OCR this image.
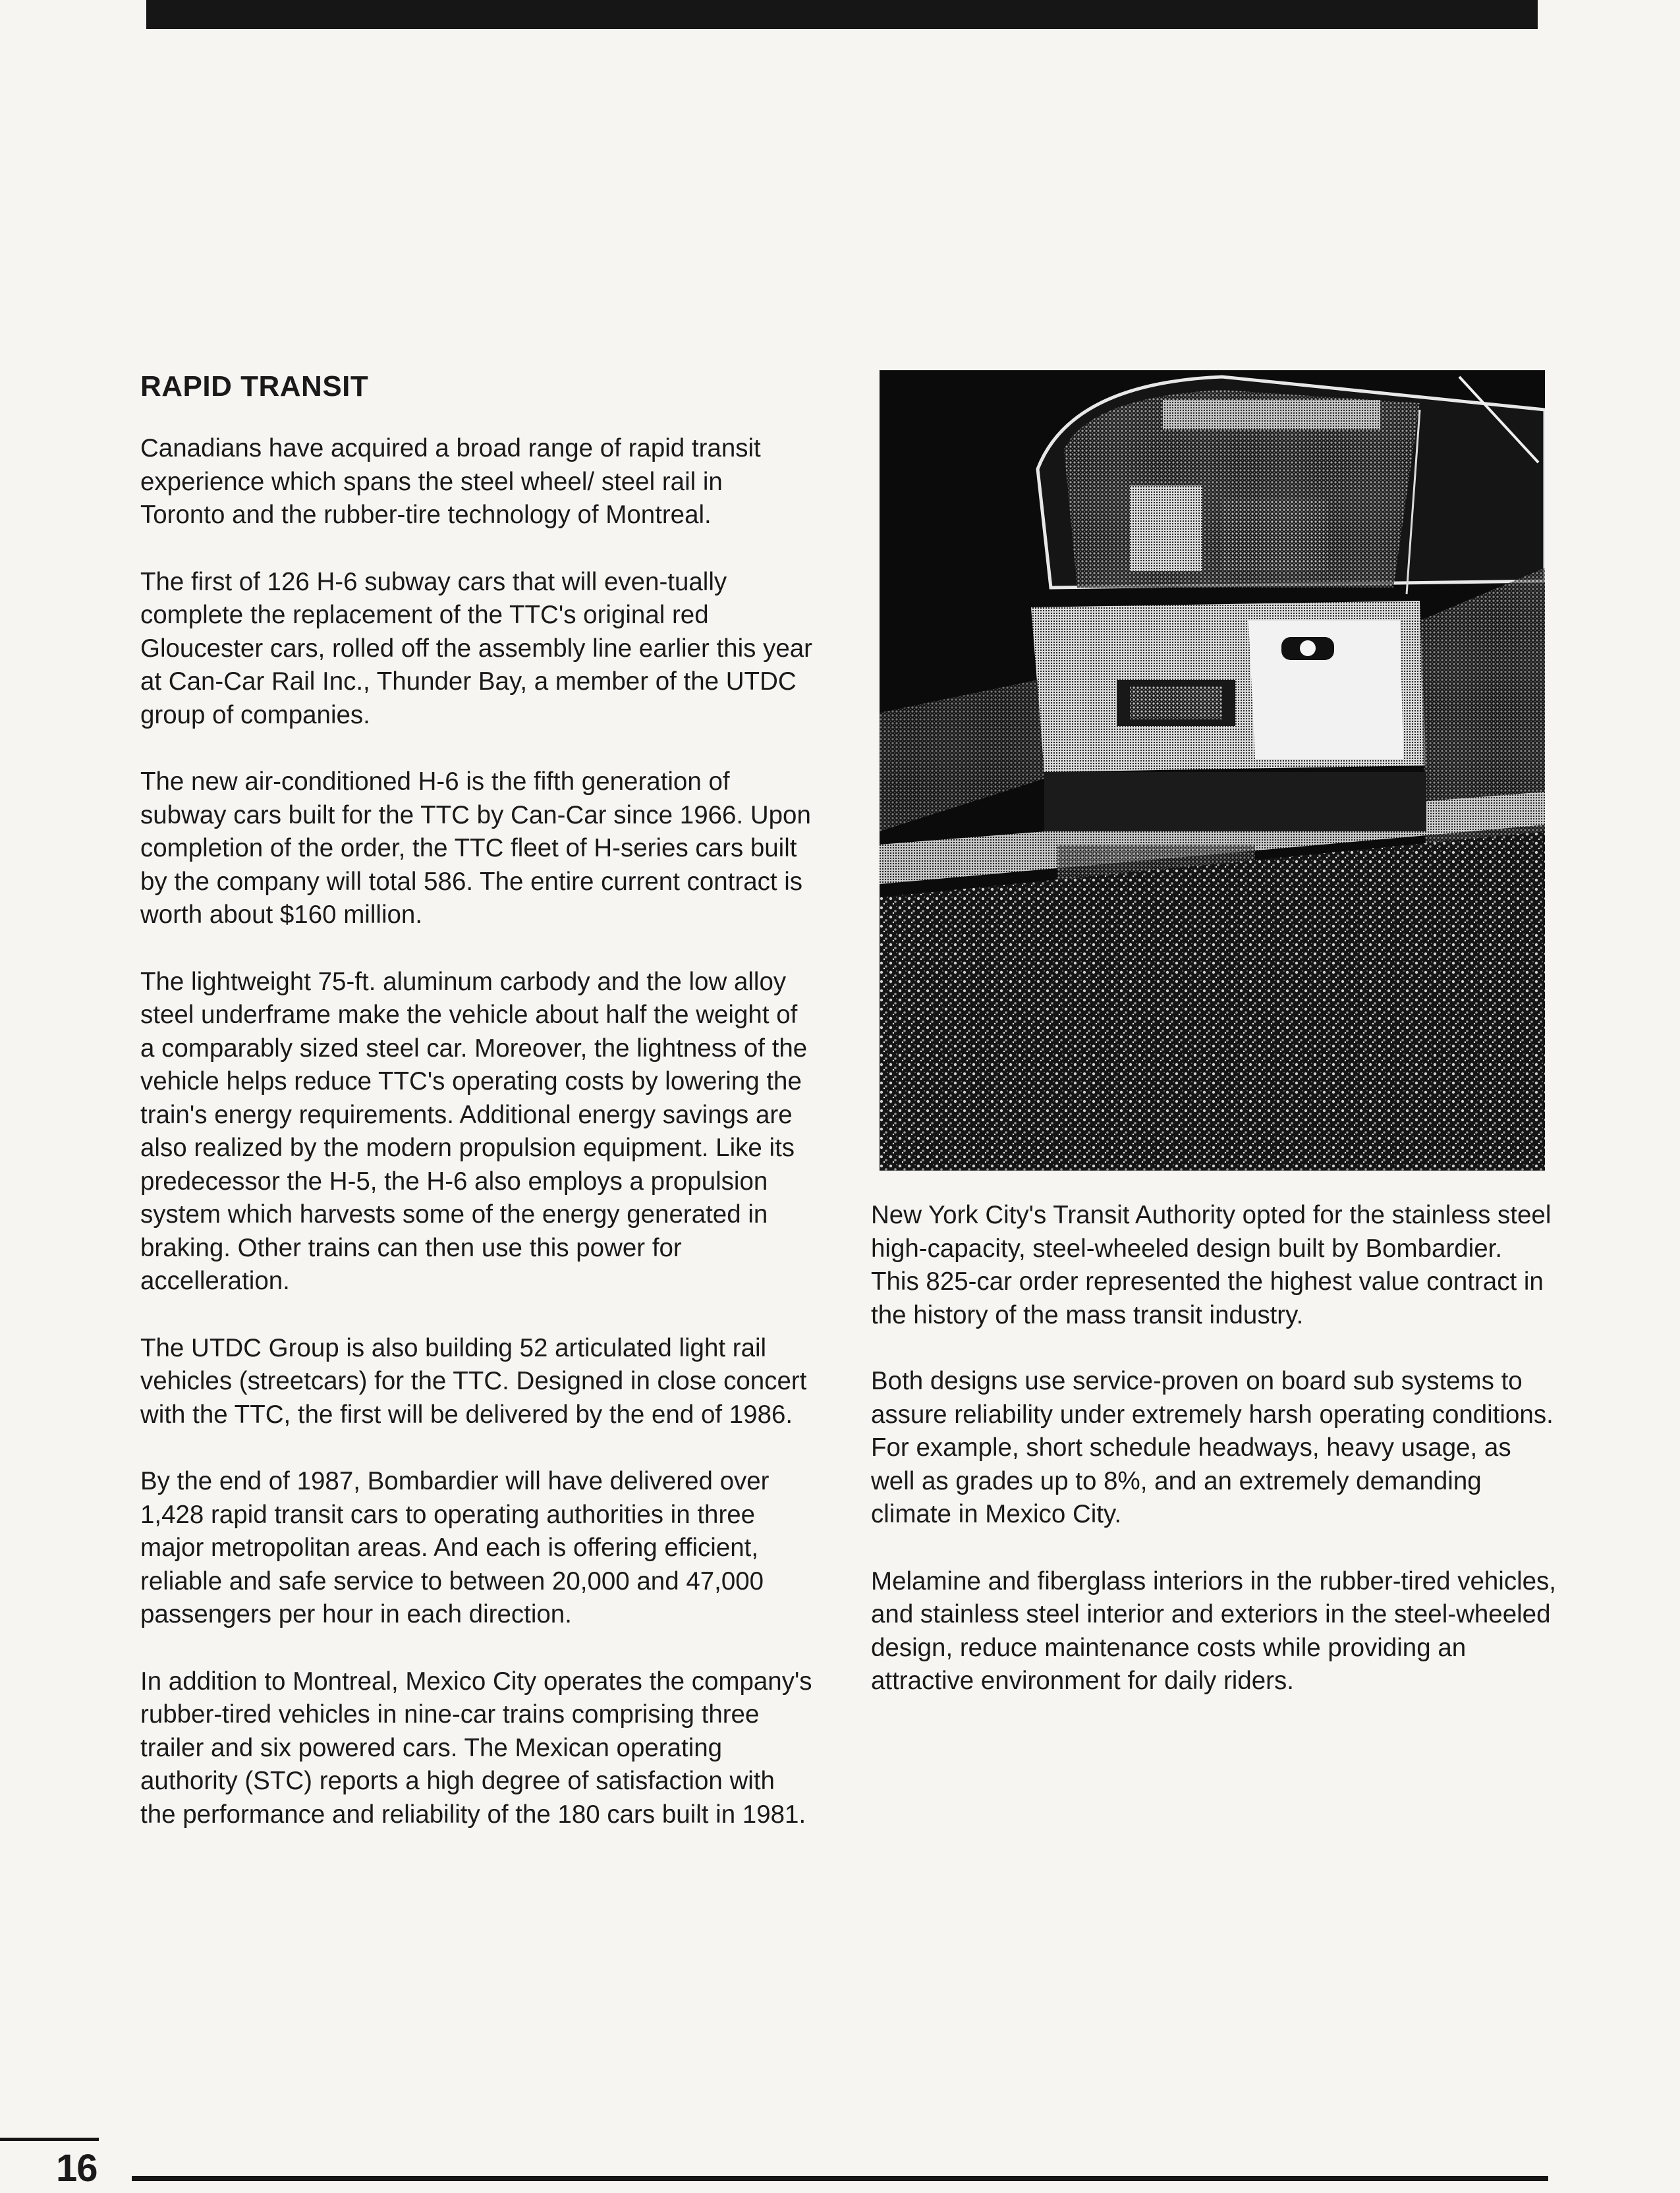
RAPID TRANSIT

Canadians have acquired a broad range of rapid transit experience which spans the steel wheel/ steel rail in Toronto and the rubber-tire technology of Montreal.

The first of 126 H-6 subway cars that will even-tually complete the replacement of the TTC's original red Gloucester cars, rolled off the assembly line earlier this year at Can-Car Rail Inc., Thunder Bay, a member of the UTDC group of companies.

The new air-conditioned H-6 is the fifth generation of subway cars built for the TTC by Can-Car since 1966. Upon completion of the order, the TTC fleet of H-series cars built by the company will total 586. The entire current contract is worth about $160 million.

The lightweight 75-ft. aluminum carbody and the low alloy steel underframe make the vehicle about half the weight of a comparably sized steel car. Moreover, the lightness of the vehicle helps reduce TTC's operating costs by lowering the train's energy requirements. Additional energy savings are also realized by the modern propulsion equipment. Like its predecessor the H-5, the H-6 also employs a propulsion system which harvests some of the energy generated in braking. Other trains can then use this power for accelleration.

The UTDC Group is also building 52 articulated light rail vehicles (streetcars) for the TTC. Designed in close concert with the TTC, the first will be delivered by the end of 1986.

By the end of 1987, Bombardier will have delivered over 1,428 rapid transit cars to operating authorities in three major metropolitan areas. And each is offering efficient, reliable and safe service to between 20,000 and 47,000 passengers per hour in each direction.

In addition to Montreal, Mexico City operates the company's rubber-tired vehicles in nine-car trains comprising three trailer and six powered cars. The Mexican operating authority (STC) reports a high degree of satisfaction with the performance and reliability of the 180 cars built in 1981.

New York City's Transit Authority opted for the stainless steel high-capacity, steel-wheeled design built by Bombardier. This 825-car order represented the highest value contract in the history of the mass transit industry.

Both designs use service-proven on board sub systems to assure reliability under extremely harsh operating conditions. For example, short schedule headways, heavy usage, as well as grades up to 8%, and an extremely demanding climate in Mexico City.

Melamine and fiberglass interiors in the rubber-tired vehicles, and stainless steel interior and exteriors in the steel-wheeled design, reduce maintenance costs while providing an attractive environment for daily riders.

16
